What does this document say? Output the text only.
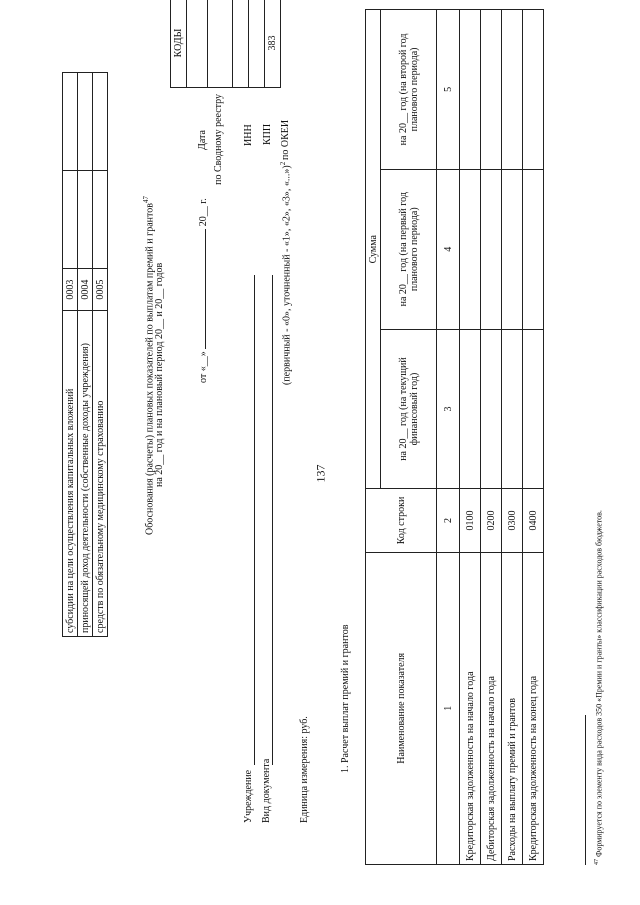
137
субсидии на цели осуществления капитальных вложений	0003		
приносящей доход деятельности (собственные доходы учреждения)	0004		
средств по обязательному медицинскому страхованию	0005			Обоснования (расчеты) плановых показателей по выплатам премий и грантов$^{47}$
на 20__ год и на плановый период 20__ и 20__ годов	от «__»  20__ г.
Дата по Сводному реестру ИНН КПП по ОКЕИ
КОДЫ

383
Учреждение Вид документа
(первичный - «0», уточненный - «1», «2», «3», «...»)$^2$
Единица измерения: руб.	1. Расчет выплат премий и грантов	Наименование показателя	Код строки	Сумма		
		на 20__ год (на текущий финансовый год)	на 20__ год (на первый год планового периода)	на 20__ год (на второй год планового периода)
1	2	3	4	5
Кредиторская задолженность на начало года	0100			
Дебиторская задолженность на начало года	0200			
Расходы на выплату премий и грантов	0300			
Кредиторская задолженность на конец года	0400			
$^{47}$ Формируется по элементу вида расходов 350 «Премии и гранты» классификации расходов бюджетов.
